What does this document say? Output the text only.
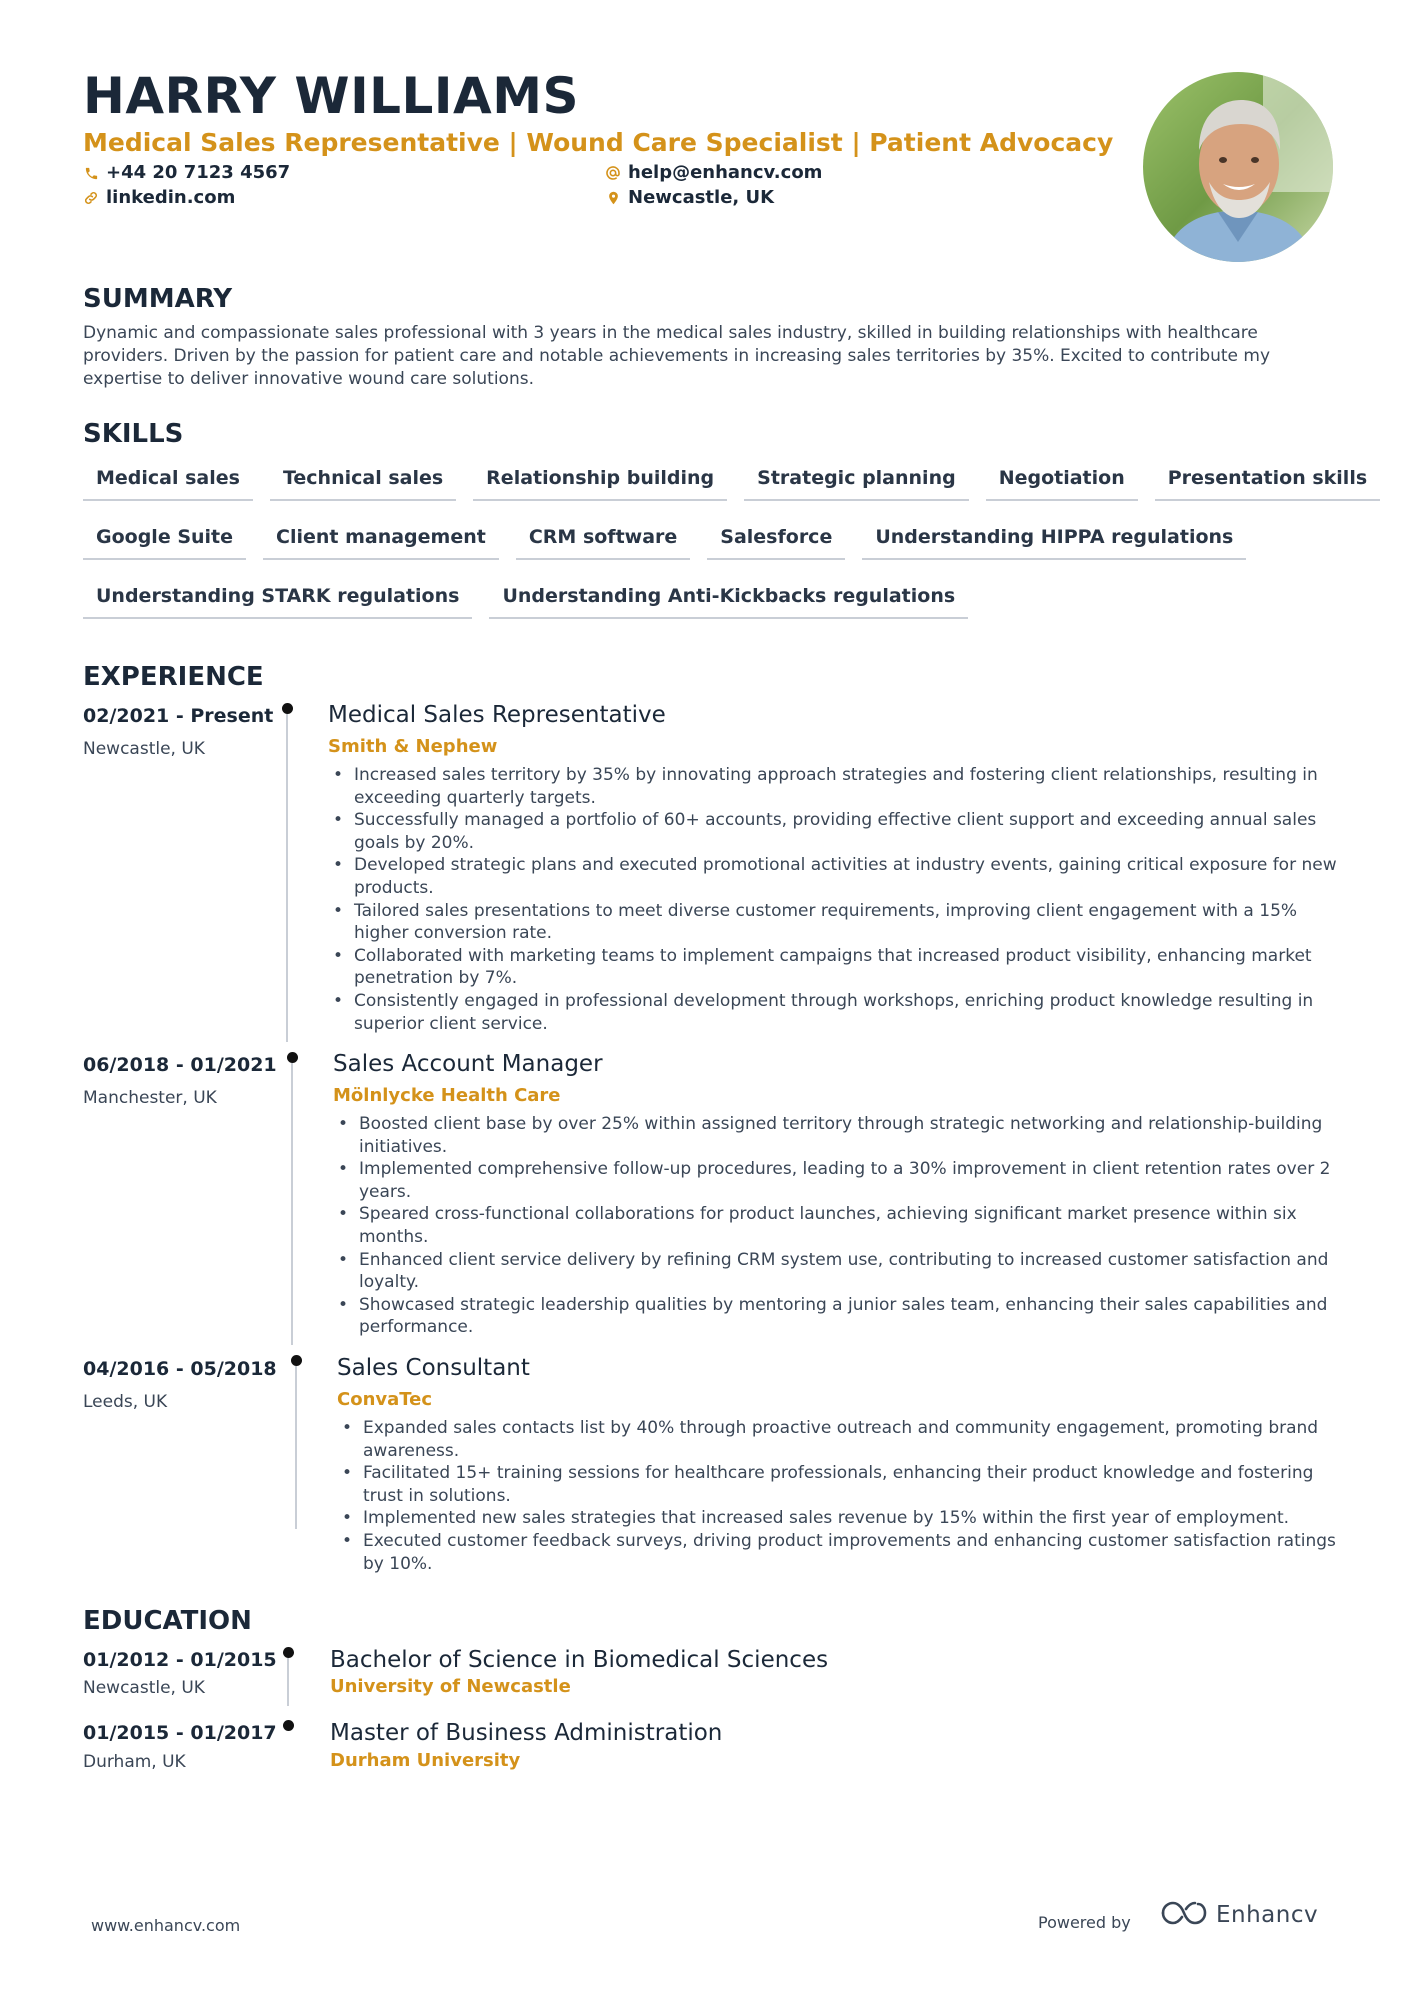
HARRY WILLIAMS
Medical Sales Representative | Wound Care Specialist | Patient Advocacy
+44 20 7123 4567	help@enhancv.com
linkedin.com	Newcastle, UK
SUMMARY

Dynamic and compassionate sales professional with 3 years in the medical sales industry, skilled in building relationships with healthcare providers. Driven by the passion for patient care and notable achievements in increasing sales territories by 35%. Excited to contribute my expertise to deliver innovative wound care solutions.

SKILLS
Medical sales	Technical sales	Relationship building	Strategic planning	Negotiation	Presentation skills
Google Suite	Client management	CRM software	Salesforce	Understanding HIPPA regulations
Understanding STARK regulations	Understanding Anti-Kickbacks regulations
EXPERIENCE
02/2021 - Present
Newcastle, UK
Medical Sales Representative
Smith & Nephew
• Increased sales territory by 35% by innovating approach strategies and fostering client relationships, resulting in exceeding quarterly targets.
• Successfully managed a portfolio of 60+ accounts, providing effective client support and exceeding annual sales goals by 20%.
• Developed strategic plans and executed promotional activities at industry events, gaining critical exposure for new products.
• Tailored sales presentations to meet diverse customer requirements, improving client engagement with a 15% higher conversion rate.
• Collaborated with marketing teams to implement campaigns that increased product visibility, enhancing market penetration by 7%.
• Consistently engaged in professional development through workshops, enriching product knowledge resulting in superior client service.
06/2018 - 01/2021
Manchester, UK
Sales Account Manager
Mölnlycke Health Care
• Boosted client base by over 25% within assigned territory through strategic networking and relationship-building initiatives.
• Implemented comprehensive follow-up procedures, leading to a 30% improvement in client retention rates over 2 years.
• Speared cross-functional collaborations for product launches, achieving significant market presence within six months.
• Enhanced client service delivery by refining CRM system use, contributing to increased customer satisfaction and loyalty.
• Showcased strategic leadership qualities by mentoring a junior sales team, enhancing their sales capabilities and performance.
04/2016 - 05/2018
Leeds, UK
Sales Consultant
ConvaTec
• Expanded sales contacts list by 40% through proactive outreach and community engagement, promoting brand awareness.
• Facilitated 15+ training sessions for healthcare professionals, enhancing their product knowledge and fostering trust in solutions.
• Implemented new sales strategies that increased sales revenue by 15% within the first year of employment.
• Executed customer feedback surveys, driving product improvements and enhancing customer satisfaction ratings by 10%.
EDUCATION
01/2012 - 01/2015
Newcastle, UK
Bachelor of Science in Biomedical Sciences
University of Newcastle
01/2015 - 01/2017
Durham, UK
Master of Business Administration
Durham University
www.enhancv.com	Powered by	Enhancv
